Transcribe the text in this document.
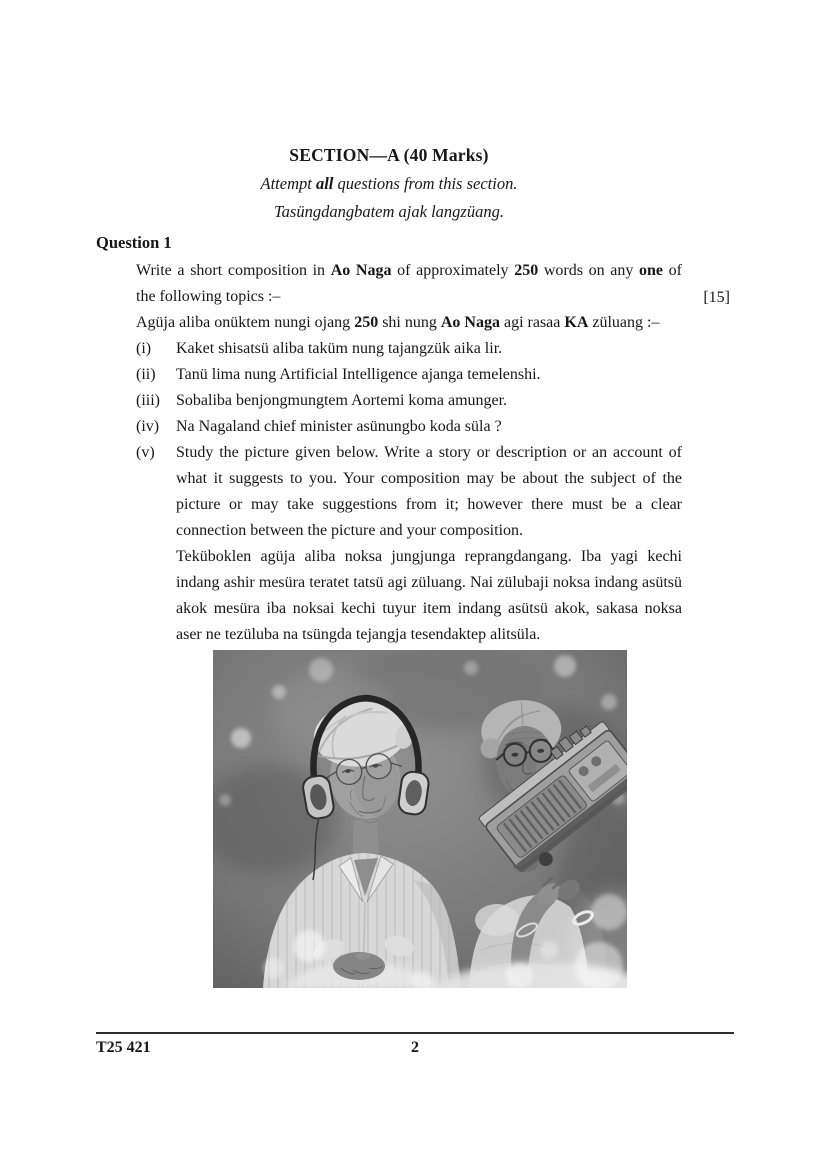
SECTION—A (40 Marks)
Attempt all questions from this section.
Tasüngdangbatem ajak langzüang.
Question 1

Write a short composition in Ao Naga of approximately 250 words on any one of the following topics :–	[15]

Agüja aliba onüktem nungi ojang 250 shi nung Ao Naga agi rasaa KA züluang :–

(i) Kaket shisatsü aliba taküm nung tajangzük aika lir.
(ii) Tanü lima nung Artificial Intelligence ajanga temelenshi.
(iii) Sobaliba benjongmungtem Aortemi koma amunger.
(iv) Na Nagaland chief minister asünungbo koda süla ?
(v) Study the picture given below. Write a story or description or an account of what it suggests to you. Your composition may be about the subject of the picture or may take suggestions from it; however there must be a clear connection between the picture and your composition.

Teküboklen agüja aliba noksa jungjunga reprangdangang. Iba yagi kechi indang ashir mesüra teratet tatsü agi züluang. Nai zülubaji noksa indang asütsü akok mesüra iba noksai kechi tuyur item indang asütsü akok, sakasa noksa aser ne tezüluba na tsüngda tejangja tesendaktep alitsüla.

T25 421	2
